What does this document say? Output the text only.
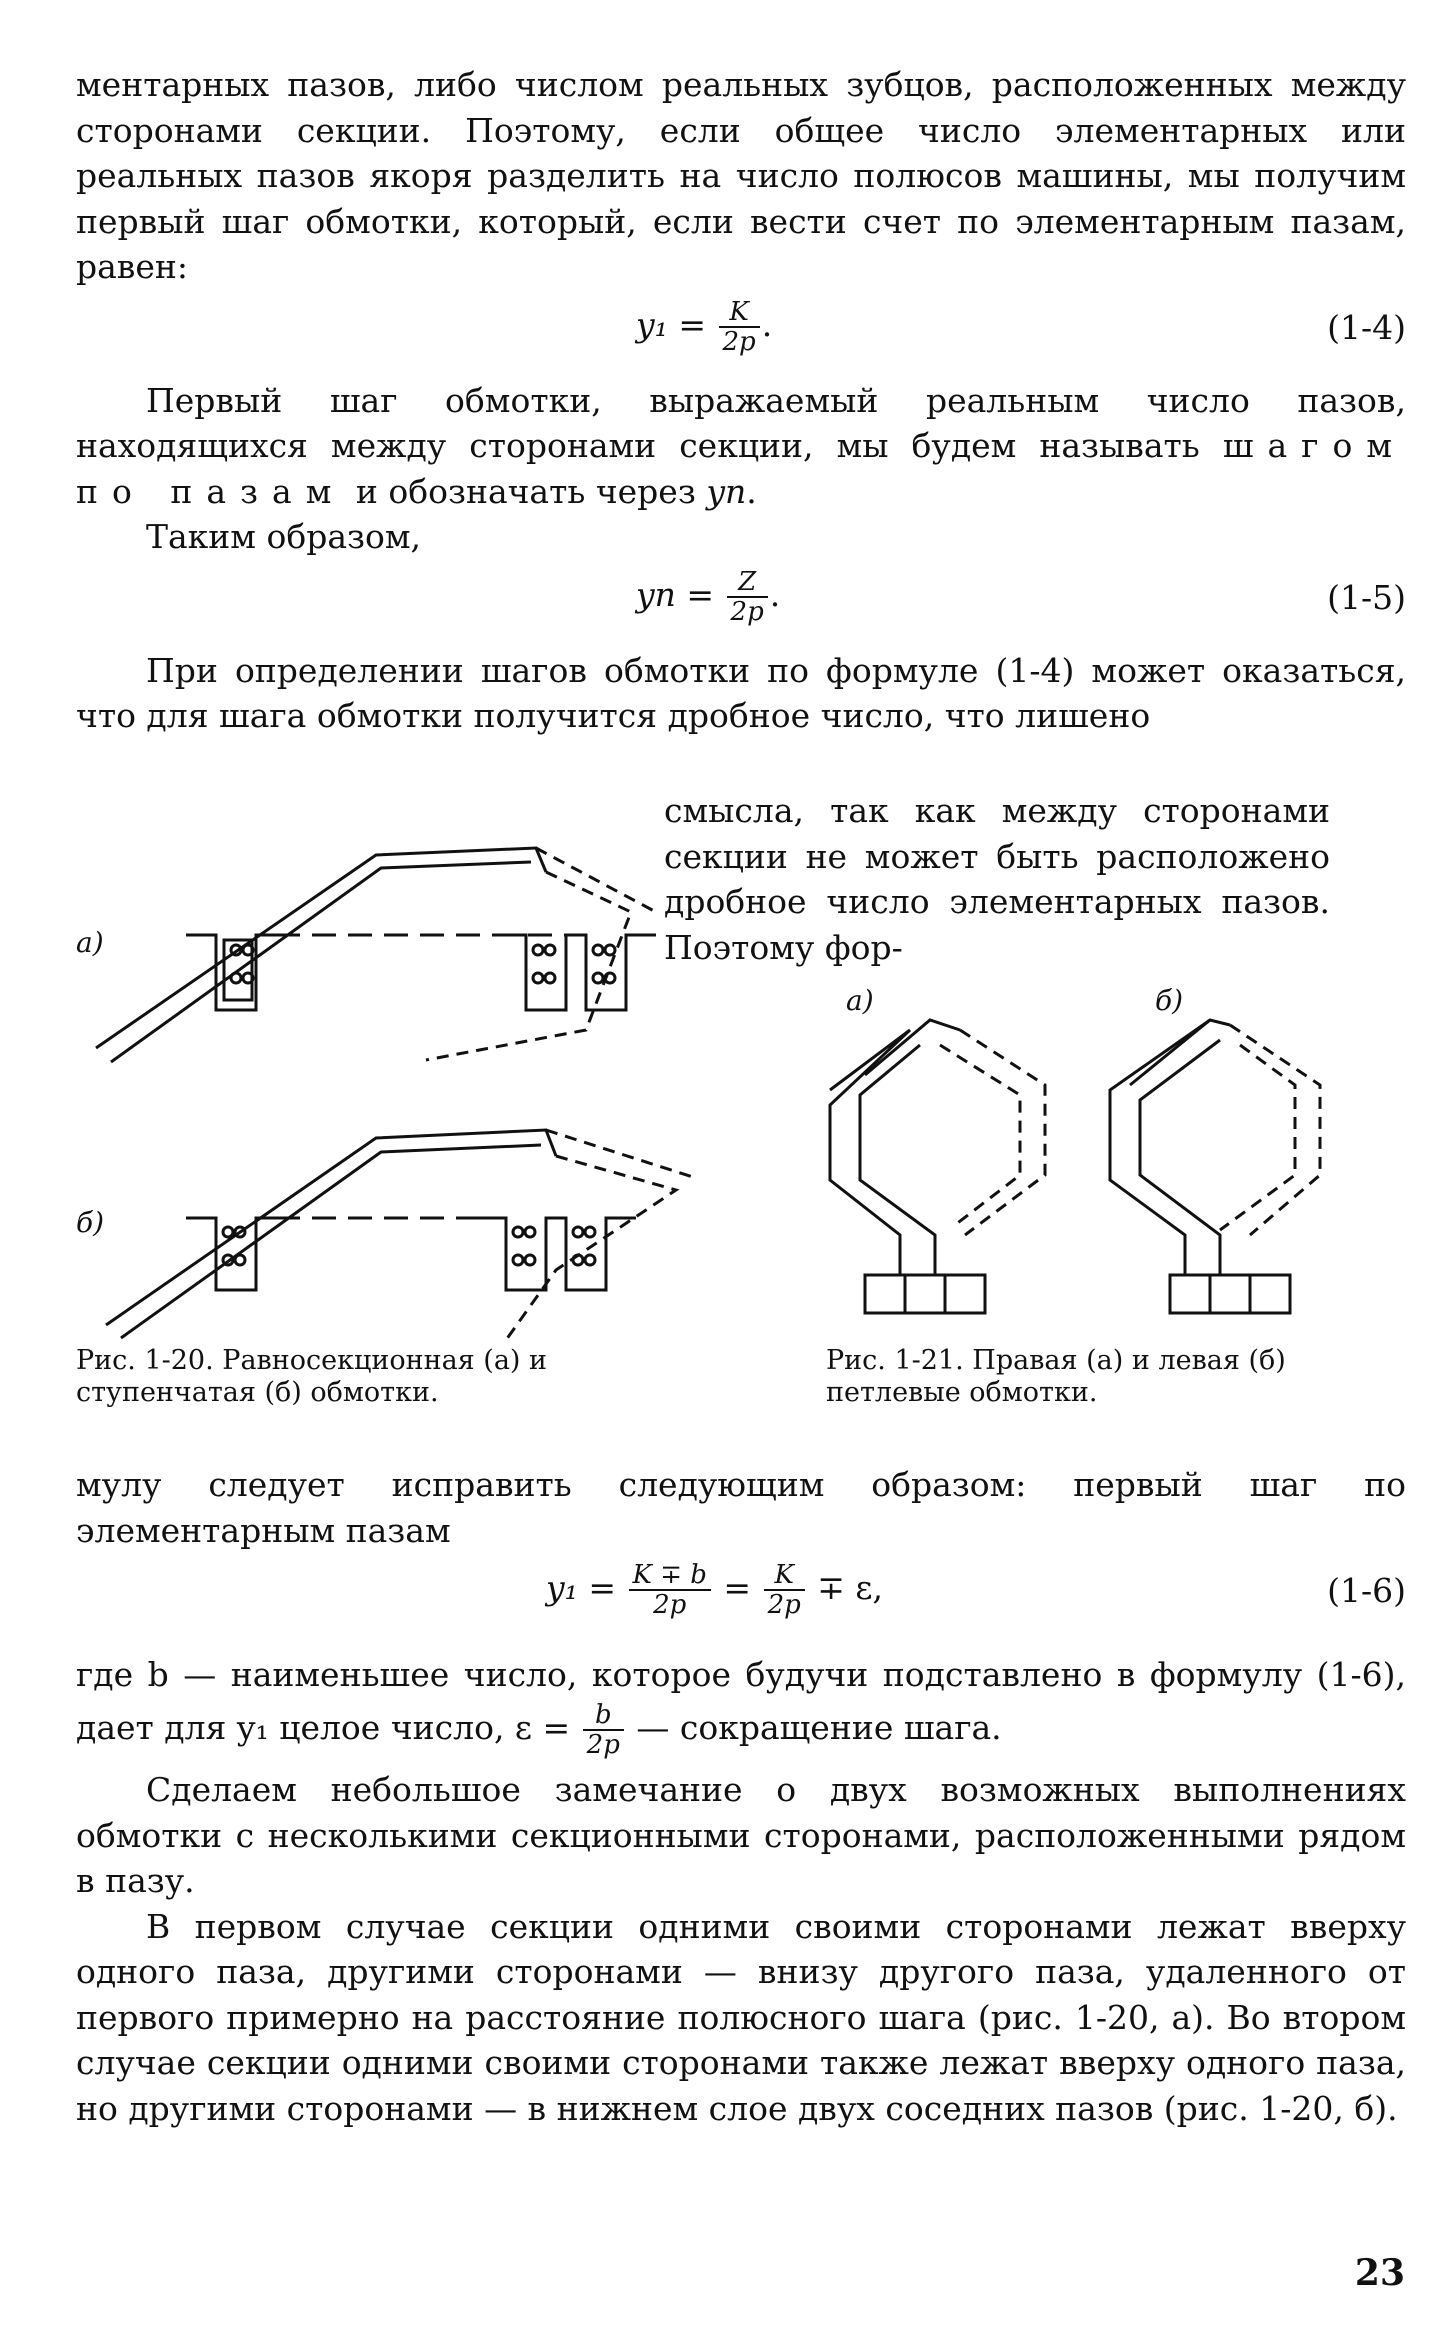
ментарных пазов, либо числом реальных зубцов, расположенных между сторонами секции. Поэтому, если общее число элементарных или реальных пазов якоря разделить на число полюсов машины, мы получим первый шаг обмотки, который, если вести счет по элементарным пазам, равен:

$y_1 = \frac{K}{2p}$ .	(1-4)

Первый шаг обмотки, выражаемый реальным число пазов, находящихся между сторонами секции, мы будем называть шагом по пазам и обозначать через yп.

Таким образом,

yп = $\frac{Z}{2p}$ .	(1-5)

При определении шагов обмотки по формуле (1-4) может оказаться, что для шага обмотки получится дробное число, что лишено

смысла, так как между сторонами секции не может быть расположено дробное число элементарных пазов. Поэтому фор-

а)
б)
а)	б)
Рис. 1-20. Равносекционная (а) и ступенчатая (б) обмотки.
Рис. 1-21. Правая (а) и левая (б) петлевые обмотки.

мулу следует исправить следующим образом: первый шаг по элементарным пазам

$y_1 = \frac{K \mp b}{2p} = \frac{K}{2p} \mp \varepsilon$,	(1-6)

где b — наименьшее число, которое будучи подставлено в формулу (1-6), дает для y₁ целое число, $\varepsilon = \frac{b}{2p}$ — сокращение шага.

Сделаем небольшое замечание о двух возможных выполнениях обмотки с несколькими секционными сторонами, расположенными рядом в пазу.

В первом случае секции одними своими сторонами лежат вверху одного паза, другими сторонами — внизу другого паза, удаленного от первого примерно на расстояние полюсного шага (рис. 1-20, а). Во втором случае секции одними своими сторонами также лежат вверху одного паза, но другими сторонами — в нижнем слое двух соседних пазов (рис. 1-20, б).

23
